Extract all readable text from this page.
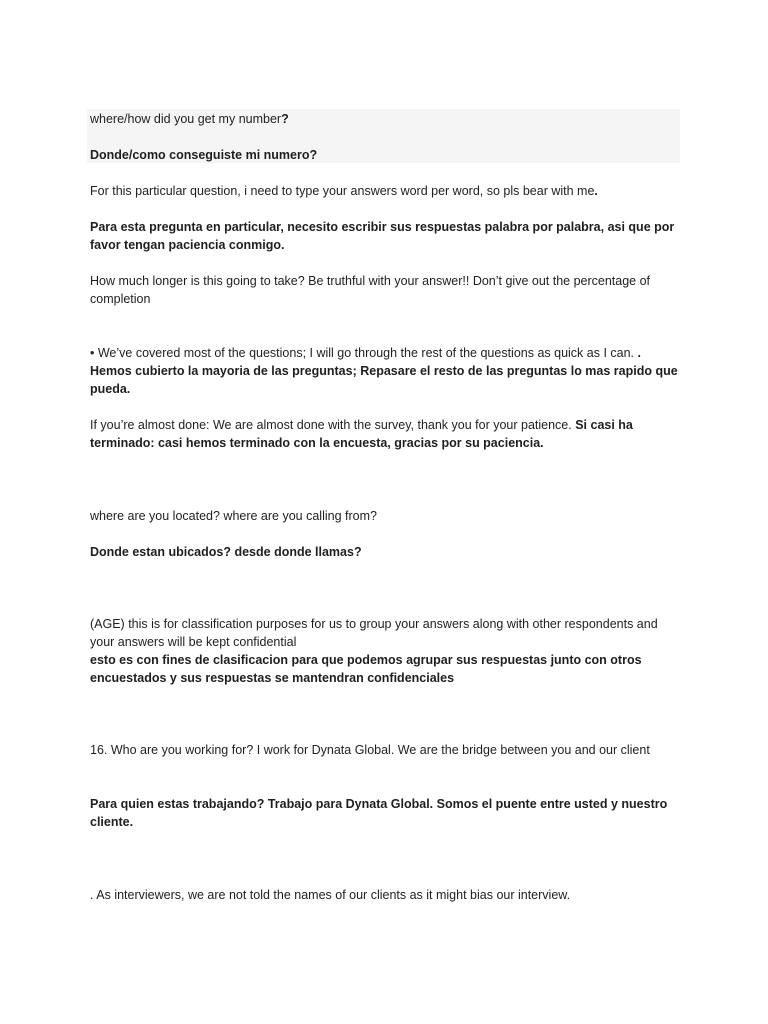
where/how did you get my number?

Donde/como conseguiste mi numero?

For this particular question, i need to type your answers word per word, so pls bear with me.

Para esta pregunta en particular, necesito escribir sus respuestas palabra por palabra, asi que por favor tengan paciencia conmigo.

How much longer is this going to take? Be truthful with your answer!! Don’t give out the percentage of completion

• We’ve covered most of the questions; I will go through the rest of the questions as quick as I can. .
Hemos cubierto la mayoria de las preguntas; Repasare el resto de las preguntas lo mas rapido que pueda.

If you’re almost done: We are almost done with the survey, thank you for your patience. Si casi ha terminado: casi hemos terminado con la encuesta, gracias por su paciencia.

where are you located? where are you calling from?

Donde estan ubicados? desde donde llamas?

(AGE) this is for classification purposes for us to group your answers along with other respondents and your answers will be kept confidential
esto es con fines de clasificacion para que podemos agrupar sus respuestas junto con otros encuestados y sus respuestas se mantendran confidenciales

16. Who are you working for? I work for Dynata Global. We are the bridge between you and our client

Para quien estas trabajando? Trabajo para Dynata Global. Somos el puente entre usted y nuestro cliente.

. As interviewers, we are not told the names of our clients as it might bias our interview.
